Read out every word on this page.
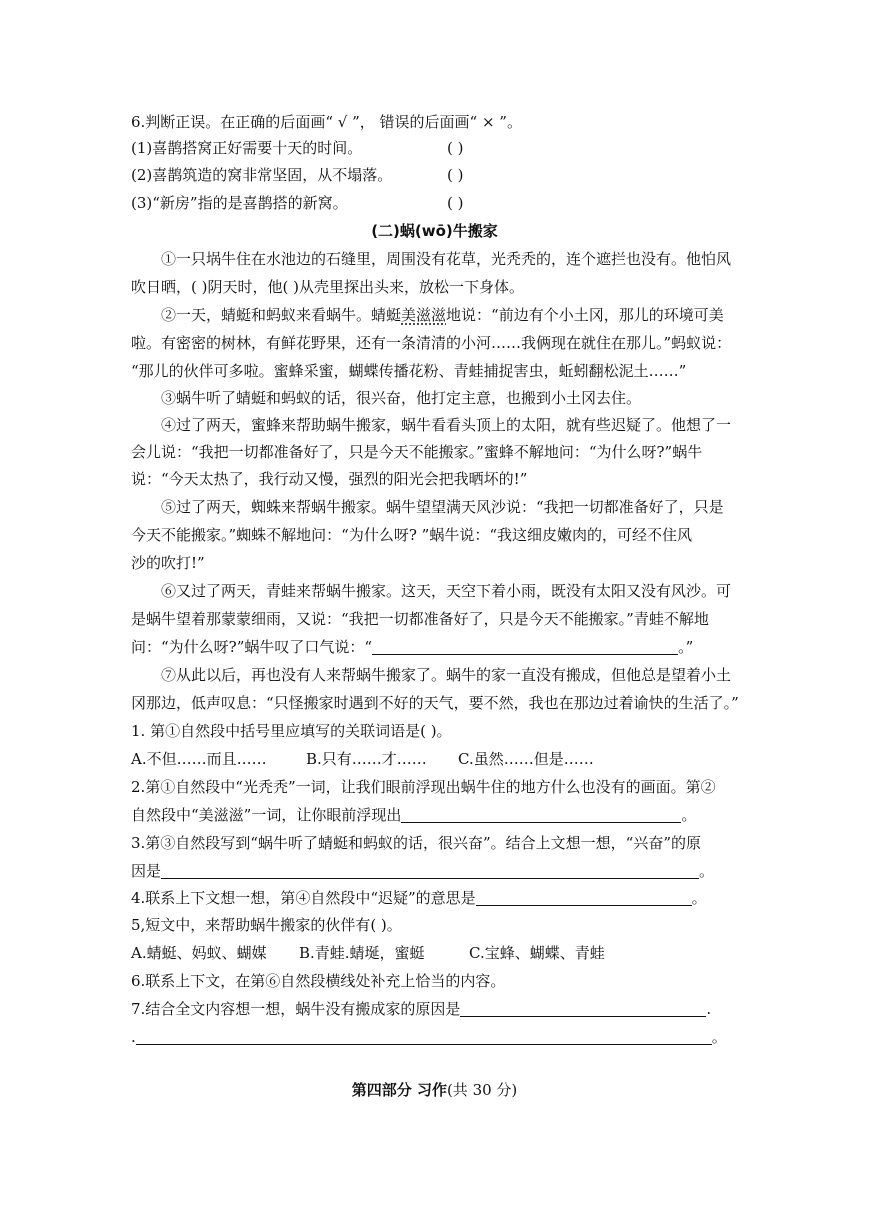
6.判断正误。在正确的后面画“ √ ”， 错误的后面画“ × ”。
(1)喜鹊搭窝正好需要十天的时间。	( )
(2)喜鹊筑造的窝非常坚固，从不塌落。	( )
(3)“新房”指的是喜鹊搭的新窝。	( )
(二)蜗(wō)牛搬家
①一只埚牛住在水池边的石缝里，周围没有花草，光秃秃的，连个遮拦也没有。他怕风
吹日晒，( )阴天时，他( )从壳里探出头来，放松一下身体。
②一天，蜻蜓和蚂蚁来看蜗牛。蜻蜓美滋滋地说：“前边有个小土冈，那儿的环境可美
啦。有密密的树林，有鲜花野果，还有一条清清的小河……我俩现在就住在那儿。”蚂蚁说：
“那儿的伙伴可多啦。蜜蜂采蜜，蝴蝶传播花粉、青蛙捕捉害虫，蚯蚓翻松泥土……”
③蜗牛听了蜻蜓和蚂蚁的话，很兴奋，他打定主意，也搬到小土冈去住。
④过了两天，蜜蜂来帮助蜗牛搬家，蜗牛看看头顶上的太阳，就有些迟疑了。他想了一
会儿说：“我把一切都准备好了，只是今天不能搬家。”蜜蜂不解地问：“为什么呀?”蜗牛
说：“今天太热了，我行动又慢，强烈的阳光会把我晒坏的!”
⑤过了两天，蜘蛛来帮蜗牛搬家。蜗牛望望满天风沙说：“我把一切都准备好了，只是
今天不能搬家。”蜘蛛不解地问：“为什么呀? ”蜗牛说：“我这细皮嫩肉的，可经不住风
沙的吹打!”
⑥又过了两天，青蛙来帮蜗牛搬家。这天，天空下着小雨，既没有太阳又没有风沙。可
是蜗牛望着那蒙蒙细雨，又说：“我把一切都准备好了，只是今天不能搬家。”青蛙不解地
问：“为什么呀?”蜗牛叹了口气说：“	。”
⑦从此以后，再也没有人来帮蜗牛搬家了。蜗牛的家一直没有搬成，但他总是望着小土
冈那边，低声叹息：“只怪搬家时遇到不好的天气，要不然，我也在那边过着谕快的生活了。”
1. 第①自然段中括号里应填写的关联词语是( )。
A.不但……而且……	B.只有……才…… C.虽然……但是……
2.第①自然段中“光秃秃”一词，让我们眼前浮现出蜗牛住的地方什么也没有的画面。第②
自然段中“美滋滋”一词，让你眼前浮现出	。
3.第③自然段写到“蜗牛听了蜻蜓和蚂蚁的话，很兴奋”。结合上文想一想，“兴奋”的原
因是	。
4.联系上下文想一想，第④自然段中“迟疑”的意思是	。
5,短文中，来帮助蜗牛搬家的伙伴有( )。
A.蜻蜓、妈蚁、蝴媒 B.青蛙.蜻埏，蜜蜓	C.宝蜂、蝴蝶、青蛙
6.联系上下文，在第⑥自然段横线处补充上恰当的内容。
7.结合全文内容想一想，蜗牛没有搬成家的原因是	.
.	。
第四部分 习作(共 30 分)
